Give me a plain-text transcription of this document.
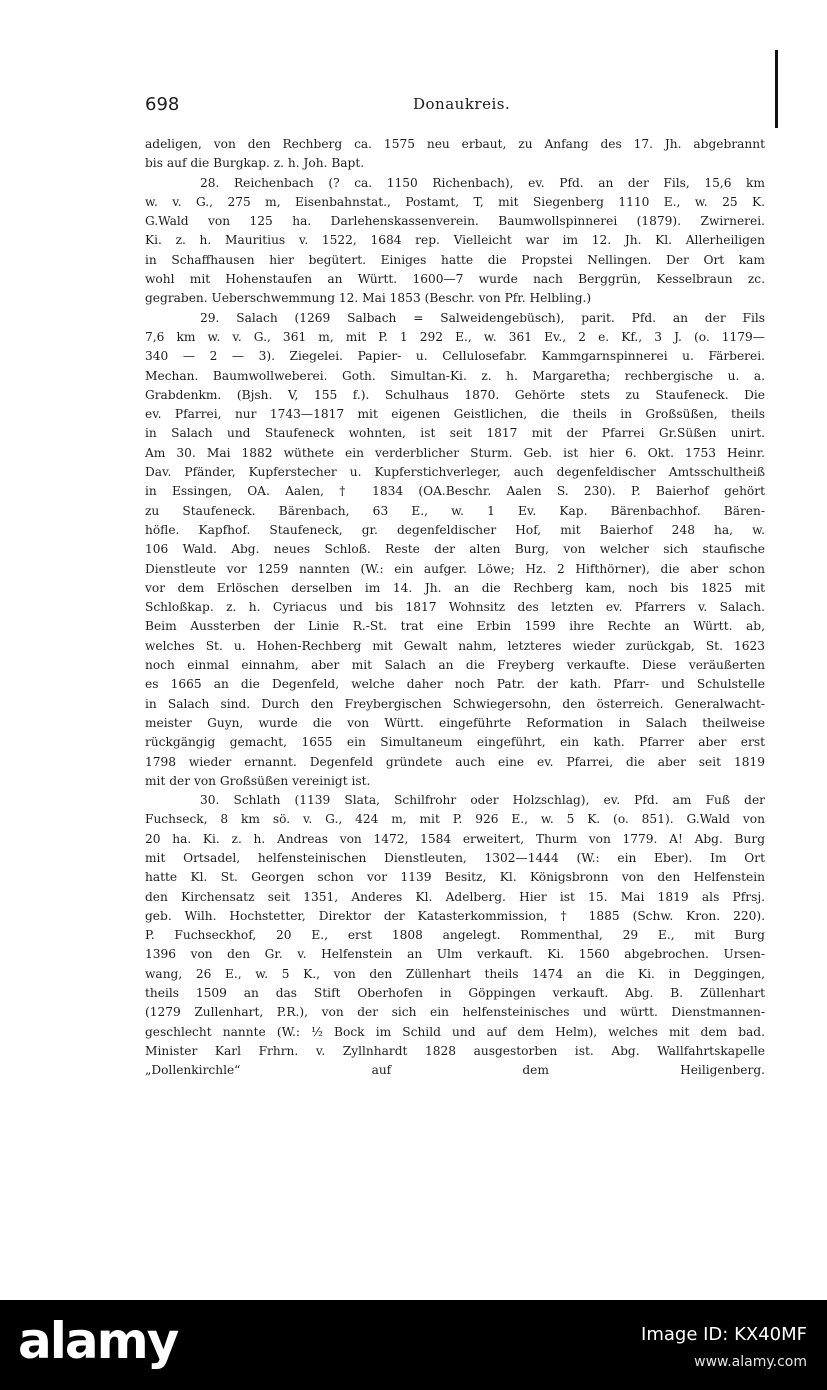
698	Donaukreis.
adeligen, von den Rechberg ca. 1575 neu erbaut, zu Anfang des 17. Jh. abgebrannt
bis auf die Burgkap. z. h. Joh. Bapt.
28. Reichenbach (? ca. 1150 Richenbach), ev. Pfd. an der Fils, 15,6 km
w. v. G., 275 m, Eisenbahnstat., Postamt, T, mit Siegenberg 1110 E., w. 25 K.
G.Wald von 125 ha. Darlehenskassenverein. Baumwollspinnerei (1879). Zwirnerei.
Ki. z. h. Mauritius v. 1522, 1684 rep. Vielleicht war im 12. Jh. Kl. Allerheiligen
in Schaffhausen hier begütert. Einiges hatte die Propstei Nellingen. Der Ort kam
wohl mit Hohenstaufen an Württ. 1600—7 wurde nach Berggrün, Kesselbraun zc.
gegraben. Ueberschwemmung 12. Mai 1853 (Beschr. von Pfr. Helbling.)
29. Salach (1269 Salbach = Salweidengebüsch), parit. Pfd. an der Fils
7,6 km w. v. G., 361 m, mit P. 1 292 E., w. 361 Ev., 2 e. Kf., 3 J. (o. 1179—
340 — 2 — 3). Ziegelei. Papier- u. Cellulosefabr. Kammgarnspinnerei u. Färberei.
Mechan. Baumwollweberei. Goth. Simultan-Ki. z. h. Margaretha; rechbergische u. a.
Grabdenkm. (Bjsh. V, 155 f.). Schulhaus 1870. Gehörte stets zu Staufeneck. Die
ev. Pfarrei, nur 1743—1817 mit eigenen Geistlichen, die theils in Großsüßen, theils
in Salach und Staufeneck wohnten, ist seit 1817 mit der Pfarrei Gr.Süßen unirt.
Am 30. Mai 1882 wüthete ein verderblicher Sturm. Geb. ist hier 6. Okt. 1753 Heinr.
Dav. Pfänder, Kupferstecher u. Kupferstichverleger, auch degenfeldischer Amtsschultheiß
in Essingen, OA. Aalen, † 1834 (OA.Beschr. Aalen S. 230). P. Baierhof gehört
zu Staufeneck. Bärenbach, 63 E., w. 1 Ev. Kap. Bärenbachhof. Bären-
höfle. Kapfhof. Staufeneck, gr. degenfeldischer Hof, mit Baierhof 248 ha, w.
106 Wald. Abg. neues Schloß. Reste der alten Burg, von welcher sich staufische
Dienstleute vor 1259 nannten (W.: ein aufger. Löwe; Hz. 2 Hifthörner), die aber schon
vor dem Erlöschen derselben im 14. Jh. an die Rechberg kam, noch bis 1825 mit
Schloßkap. z. h. Cyriacus und bis 1817 Wohnsitz des letzten ev. Pfarrers v. Salach.
Beim Aussterben der Linie R.-St. trat eine Erbin 1599 ihre Rechte an Württ. ab,
welches St. u. Hohen-Rechberg mit Gewalt nahm, letzteres wieder zurückgab, St. 1623
noch einmal einnahm, aber mit Salach an die Freyberg verkaufte. Diese veräußerten
es 1665 an die Degenfeld, welche daher noch Patr. der kath. Pfarr- und Schulstelle
in Salach sind. Durch den Freybergischen Schwiegersohn, den österreich. Generalwacht-
meister Guyn, wurde die von Württ. eingeführte Reformation in Salach theilweise
rückgängig gemacht, 1655 ein Simultaneum eingeführt, ein kath. Pfarrer aber erst
1798 wieder ernannt. Degenfeld gründete auch eine ev. Pfarrei, die aber seit 1819
mit der von Großsüßen vereinigt ist.
30. Schlath (1139 Slata, Schilfrohr oder Holzschlag), ev. Pfd. am Fuß der
Fuchseck, 8 km sö. v. G., 424 m, mit P. 926 E., w. 5 K. (o. 851). G.Wald von
20 ha. Ki. z. h. Andreas von 1472, 1584 erweitert, Thurm von 1779. A! Abg. Burg
mit Ortsadel, helfensteinischen Dienstleuten, 1302—1444 (W.: ein Eber). Im Ort
hatte Kl. St. Georgen schon vor 1139 Besitz, Kl. Königsbronn von den Helfenstein
den Kirchensatz seit 1351, Anderes Kl. Adelberg. Hier ist 15. Mai 1819 als Pfrsj.
geb. Wilh. Hochstetter, Direktor der Katasterkommission, † 1885 (Schw. Kron. 220).
P. Fuchseckhof, 20 E., erst 1808 angelegt. Rommenthal, 29 E., mit Burg
1396 von den Gr. v. Helfenstein an Ulm verkauft. Ki. 1560 abgebrochen. Ursen-
wang, 26 E., w. 5 K., von den Züllenhart theils 1474 an die Ki. in Deggingen,
theils 1509 an das Stift Oberhofen in Göppingen verkauft. Abg. B. Züllenhart
(1279 Zullenhart, P.R.), von der sich ein helfensteinisches und württ. Dienstmannen-
geschlecht nannte (W.: ½ Bock im Schild und auf dem Helm), welches mit dem bad.
Minister Karl Frhrn. v. Zyllnhardt 1828 ausgestorben ist. Abg. Wallfahrtskapelle
„Dollenkirchle“ auf dem Heiligenberg.
alamy	Image ID: KX40MF
www.alamy.com
